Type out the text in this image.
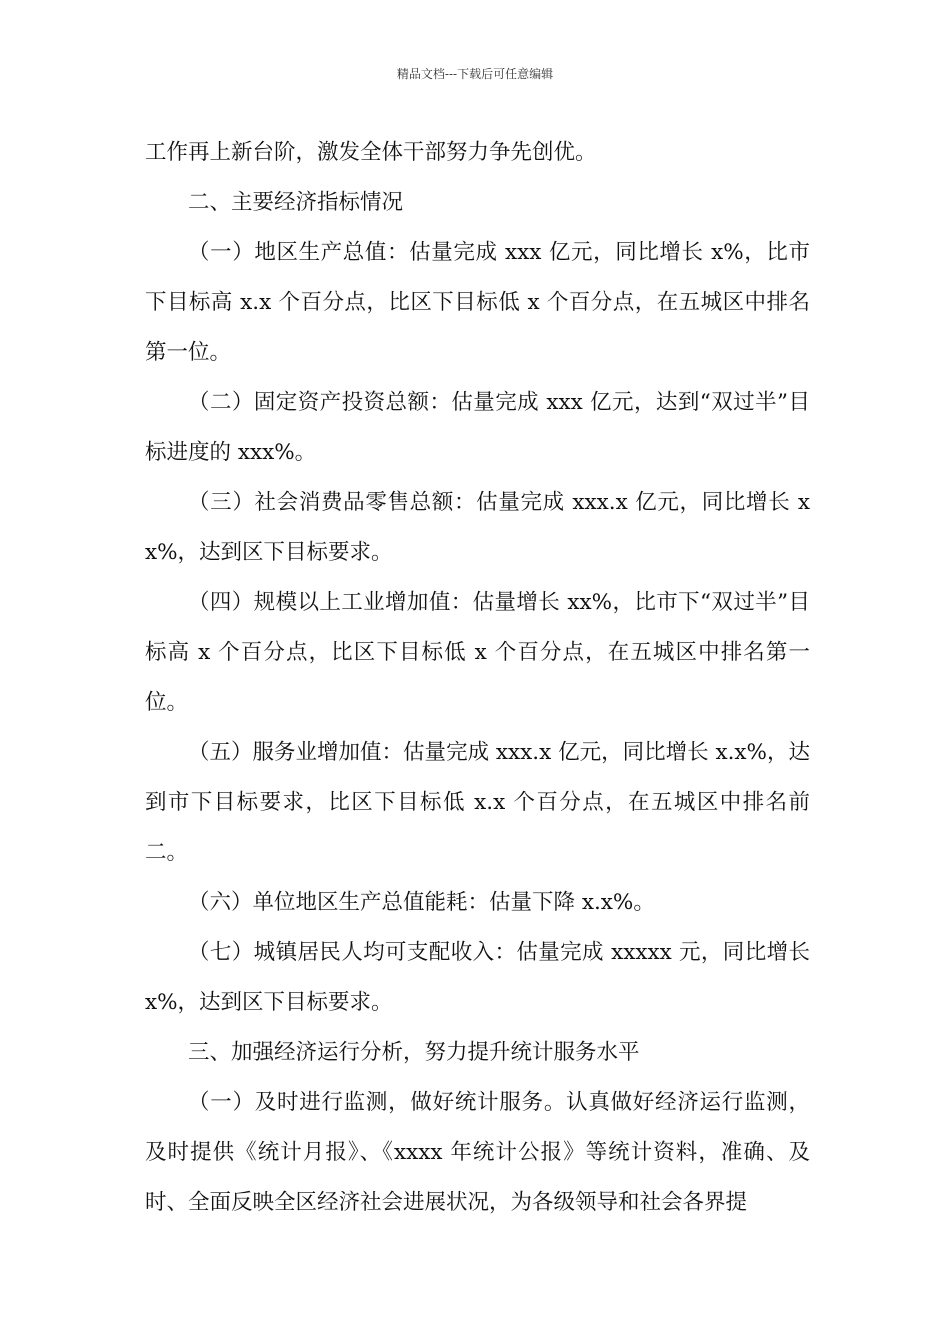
精品文档---下载后可任意编辑

工作再上新台阶，激发全体干部努力争先创优。

二、主要经济指标情况

（一）地区生产总值：估量完成 xxx 亿元，同比增长 x%，比市下目标高 x.x 个百分点，比区下目标低 x 个百分点，在五城区中排名第一位。

（二）固定资产投资总额：估量完成 xxx 亿元，达到“双过半”目标进度的 xxx%。

（三）社会消费品零售总额：估量完成 xxx.x 亿元，同比增长 xx%，达到区下目标要求。

（四）规模以上工业增加值：估量增长 xx%，比市下“双过半”目标高 x 个百分点，比区下目标低 x 个百分点，在五城区中排名第一位。

（五）服务业增加值：估量完成 xxx.x 亿元，同比增长 x.x%，达到市下目标要求，比区下目标低 x.x 个百分点，在五城区中排名前二。

（六）单位地区生产总值能耗：估量下降 x.x%。

（七）城镇居民人均可支配收入：估量完成 xxxxx 元，同比增长 x%，达到区下目标要求。

三、加强经济运行分析，努力提升统计服务水平

（一）及时进行监测，做好统计服务。认真做好经济运行监测，及时提供《统计月报》、《xxxx 年统计公报》等统计资料，准确、及时、全面反映全区经济社会进展状况，为各级领导和社会各界提
